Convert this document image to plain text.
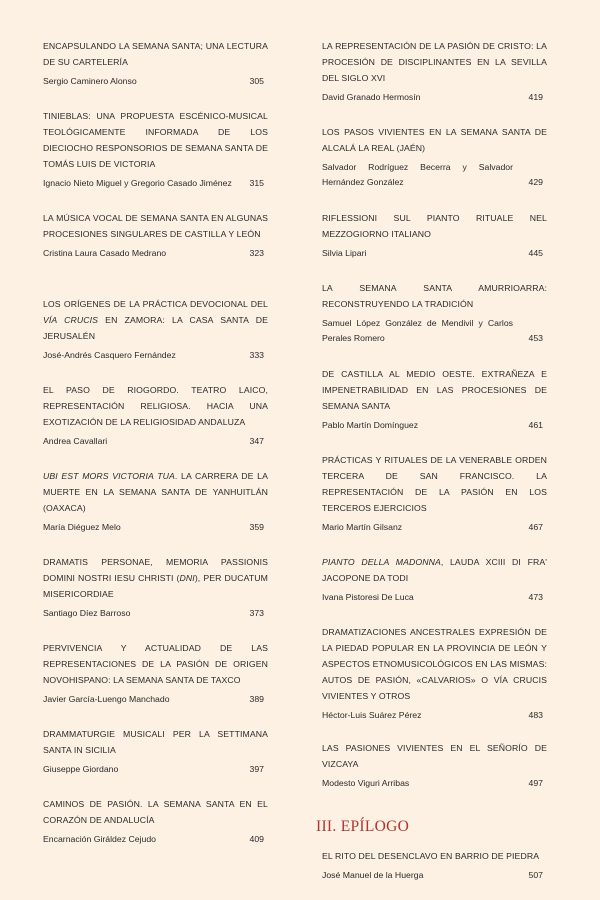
ENCAPSULANDO LA SEMANA SANTA; UNA LECTURA DE SU CARTELERÍA

Sergio Caminero Alonso	305

TINIEBLAS: UNA PROPUESTA ESCÉNICO-MUSICAL TEOLÓGICAMENTE INFORMADA DE LOS DIECIOCHO RESPONSORIOS DE SEMANA SANTA DE TOMÁS LUIS DE VICTORIA

Ignacio Nieto Miguel y Gregorio Casado Jiménez	315

LA MÚSICA VOCAL DE SEMANA SANTA EN ALGUNAS PROCESIONES SINGULARES DE CASTILLA Y LEÓN

Cristina Laura Casado Medrano	323

LOS ORÍGENES DE LA PRÁCTICA DEVOCIONAL DEL VÍA CRUCIS EN ZAMORA: LA CASA SANTA DE JERUSALÉN

José-Andrés Casquero Fernández	333

EL PASO DE RIOGORDO. TEATRO LAICO, REPRESENTACIÓN RELIGIOSA. HACIA UNA EXOTIZACIÓN DE LA RELIGIOSIDAD ANDALUZA

Andrea Cavallari	347

UBI EST MORS VICTORIA TUA. LA CARRERA DE LA MUERTE EN LA SEMANA SANTA DE YANHUITLÁN (OAXACA)

María Diéguez Melo	359

DRAMATIS PERSONAE, MEMORIA PASSIONIS DOMINI NOSTRI IESU CHRISTI (DNI), PER DUCATUM MISERICORDIAE

Santiago Díez Barroso	373

PERVIVENCIA Y ACTUALIDAD DE LAS REPRESENTACIONES DE LA PASIÓN DE ORIGEN NOVOHISPANO: LA SEMANA SANTA DE TAXCO

Javier García-Luengo Manchado	389

DRAMMATURGIE MUSICALI PER LA SETTIMANA SANTA IN SICILIA

Giuseppe Giordano	397

CAMINOS DE PASIÓN. LA SEMANA SANTA EN EL CORAZÓN DE ANDALUCÍA

Encarnación Giráldez Cejudo	409

LA REPRESENTACIÓN DE LA PASIÓN DE CRISTO: LA PROCESIÓN DE DISCIPLINANTES EN LA SEVILLA DEL SIGLO XVI

David Granado Hermosín	419

LOS PASOS VIVIENTES EN LA SEMANA SANTA DE ALCALÁ LA REAL (JAÉN)

Salvador Rodríguez Becerra y Salvador Hernández González	429

RIFLESSIONI SUL PIANTO RITUALE NEL MEZZOGIORNO ITALIANO

Silvia Lipari	445

LA SEMANA SANTA AMURRIOARRA: RECONSTRUYENDO LA TRADICIÓN

Samuel López González de Mendivil y Carlos Perales Romero	453

DE CASTILLA AL MEDIO OESTE. EXTRAÑEZA E IMPENETRABILIDAD EN LAS PROCESIONES DE SEMANA SANTA

Pablo Martín Domínguez	461

PRÁCTICAS Y RITUALES DE LA VENERABLE ORDEN TERCERA DE SAN FRANCISCO. LA REPRESENTACIÓN DE LA PASIÓN EN LOS TERCEROS EJERCICIOS

Mario Martín Gilsanz	467

PIANTO DELLA MADONNA, LAUDA XCIII DI FRA' JACOPONE DA TODI

Ivana Pistoresi De Luca	473

DRAMATIZACIONES ANCESTRALES EXPRESIÓN DE LA PIEDAD POPULAR EN LA PROVINCIA DE LEÓN Y ASPECTOS ETNOMUSICOLÓGICOS EN LAS MISMAS: AUTOS DE PASIÓN, «CALVARIOS» O VÍA CRUCIS VIVIENTES Y OTROS

Héctor-Luis Suárez Pérez	483

LAS PASIONES VIVIENTES EN EL SEÑORÍO DE VIZCAYA

Modesto Viguri Arribas	497

EL RITO DEL DESENCLAVO EN BARRIO DE PIEDRA

José Manuel de la Huerga	507
III. EPÍLOGO
